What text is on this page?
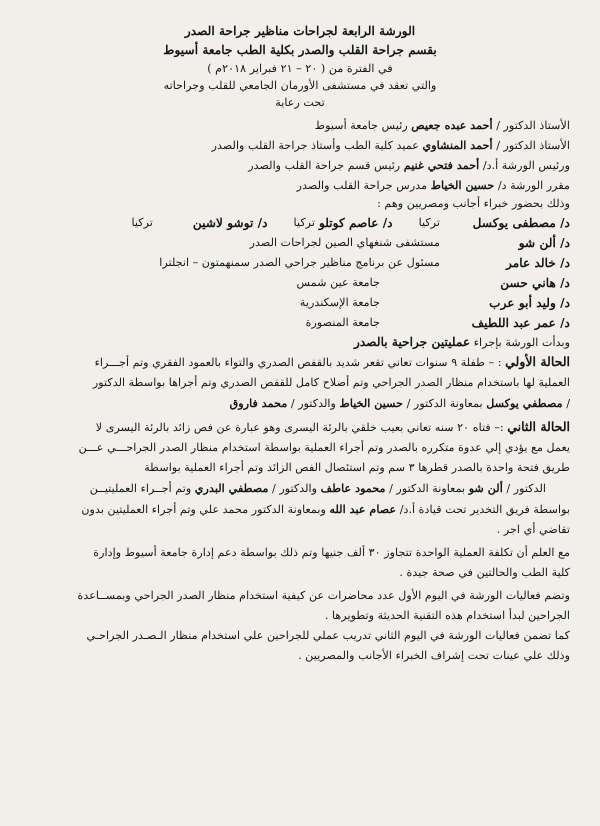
الورشة الرابعة لجراحات مناظير جراحة الصدر
بقسم جراحة القلب والصدر بكلية الطب جامعة أسيوط
في الفترة من ( ٢٠ – ٢١ فبراير ٢٠١٨م )
والتي تعقد في مستشفى الأورمان الجامعي للقلب وجراحاته
تحت رعاية
الأستاذ الدكتور / أحمد عبده جعيص رئيس جامعة أسيوط
الأستاذ الدكتور / أحمد المنشاوي عميد كلية الطب وأستاذ جراحة القلب والصدر
ورئيس الورشة أ.د/ أحمد فتحي غنيم رئيس قسم جراحة القلب والصدر
مقرر الورشة د/ حسين الخياط مدرس جراحة القلب والصدر
وذلك بحضور خبراء أجانب ومصريين وهم :
د/ مصطفى يوكسل
تركيا
د/ عاصم كوتلو
تركيا
د/ توشو لاشين
تركيا
د/ ألن شو
مستشفى شنغهاي الصين لجراحات الصدر
د/ خالد عامر
مسئول عن برنامج مناظير جراحي الصدر سمنهمتون – انجلترا
د/ هاني حسن
جامعة عين شمس
د/ وليد أبو عرب
جامعة الإسكندرية
د/ عمر عبد اللطيف
جامعة المنصورة
وبدأت الورشة بإجراء عمليتين جراحية بالصدر
الحالة الأولي : – طفلة ٩ سنوات تعاني تقعر شديد بالقفص الصدري والتواء بالعمود الفقري وتم أجـــراء
العملية لها باستخدام منظار الصدر الجراحي وتم أصلاح كامل للقفص الصدري وتم أجراها بواسطة الدكتور
/ مصطفي يوكسل بمعاونة الدكتور / حسين الخياط والدكتور / محمد فاروق
الحالة الثاني :– فتاه ٢٠ سنه تعاني بعيب خلقي بالرئة اليسرى وهو عبارة عن فص زائد بالرئة اليسرى لا
يعمل مع يؤدي إلي عدوة متكرره بالصدر وتم أجراء العملية بواسطة استخدام منظار الصدر الجراحـــي عـــن
طريق فتحة واحدة بالصدر قطرها ٣ سم وتم استئصال الفص الزائد وتم أجراء العملية بواسطة
الدكتور / ألن شو بمعاونة الدكتور / محمود عاطف والدكتور / مصطفي البدري وتم أجــراء العمليتيــن
بواسطة فريق التخدير تحت قيادة أ.د/ عصام عبد الله وبمعاونة الدكتور محمد علي وتم أجراء العمليتين بدون
تقاضي أي اجر .
مع العلم أن تكلفة العملية الواحدة تتجاوز ٣٠ ألف جنيها وتم ذلك بواسطة دعم إدارة جامعة أسيوط وإدارة
كلية الطب والحالتين في صحة جيدة .
وتضم فعاليات الورشة في اليوم الأول عدد محاضرات عن كيفية استخدام منظار الصدر الجراحي وبمســاعدة
الجراحين لبدأ استخدام هذه التقنية الحديثة وتطويرها .
كما تضمن فعاليات الورشة في اليوم الثاني تدريب عملي للجراحين علي استخدام منظار الـصـدر الجراحـي
وذلك علي عينات تحت إشراف الخبراء الأجانب والمصريين .
